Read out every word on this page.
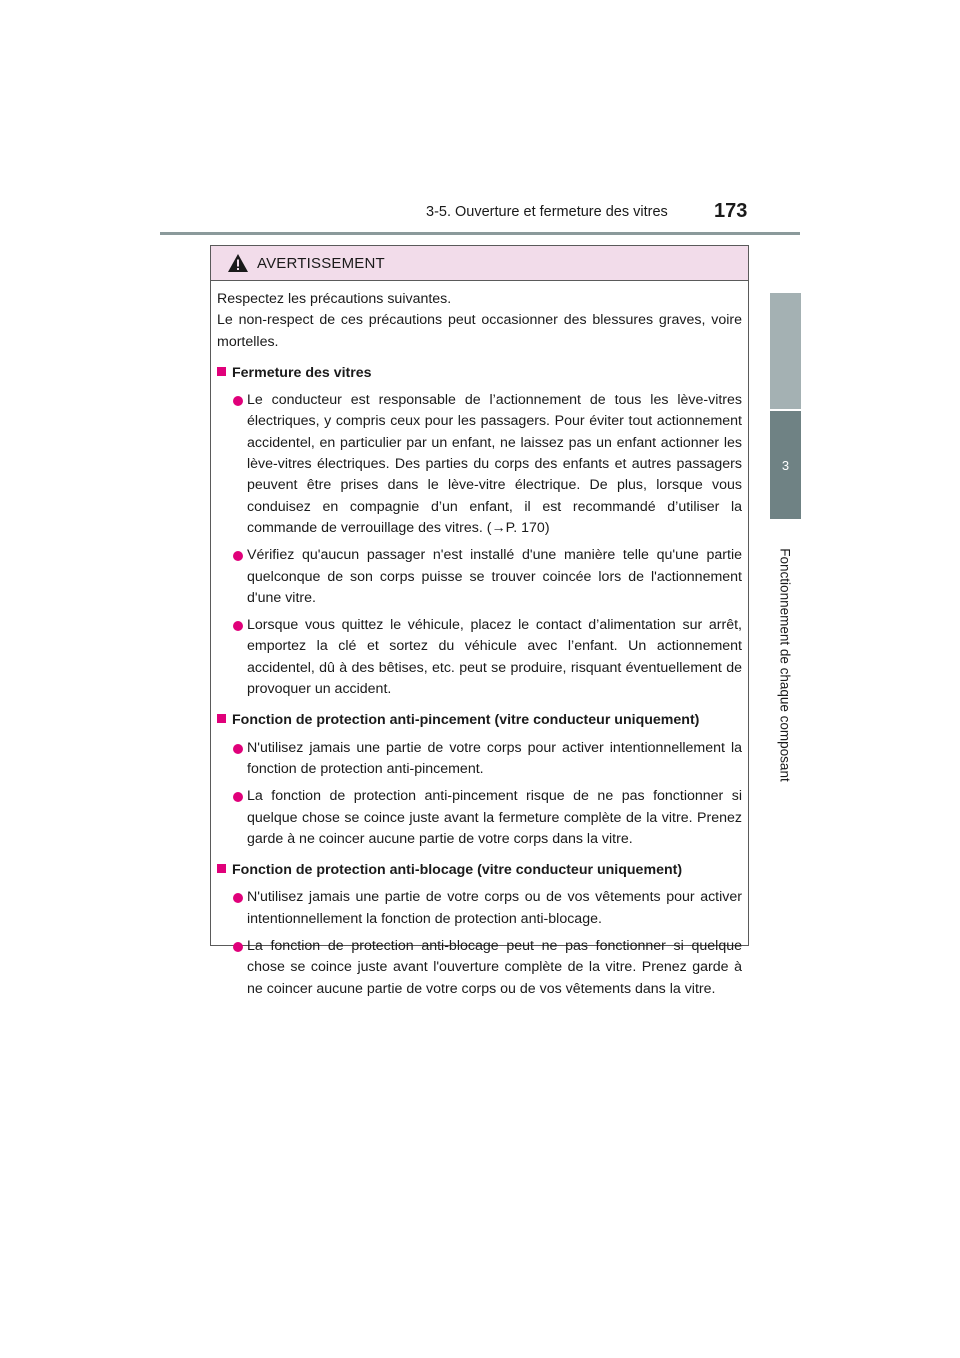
3-5. Ouverture et fermeture des vitres 173
3
Fonctionnement de chaque composant
AVERTISSEMENT

Respectez les précautions suivantes.

Le non-respect de ces précautions peut occasionner des blessures graves, voire mortelles.

Fermeture des vitres
Le conducteur est responsable de l’actionnement de tous les lève-vitres électriques, y compris ceux pour les passagers. Pour éviter tout actionnement accidentel, en particulier par un enfant, ne laissez pas un enfant actionner les lève-vitres électriques. Des parties du corps des enfants et autres passagers peuvent être prises dans le lève-vitre électrique. De plus, lorsque vous conduisez en compagnie d’un enfant, il est recommandé d’utiliser la commande de verrouillage des vitres. (→P. 170)
Vérifiez qu'aucun passager n'est installé d'une manière telle qu'une partie quelconque de son corps puisse se trouver coincée lors de l'actionnement d'une vitre.
Lorsque vous quittez le véhicule, placez le contact d’alimentation sur arrêt, emportez la clé et sortez du véhicule avec l’enfant. Un actionnement accidentel, dû à des bêtises, etc. peut se produire, risquant éventuellement de provoquer un accident.
Fonction de protection anti-pincement (vitre conducteur uniquement)
N'utilisez jamais une partie de votre corps pour activer intentionnellement la fonction de protection anti-pincement.
La fonction de protection anti-pincement risque de ne pas fonctionner si quelque chose se coince juste avant la fermeture complète de la vitre. Prenez garde à ne coincer aucune partie de votre corps dans la vitre.
Fonction de protection anti-blocage (vitre conducteur uniquement)
N'utilisez jamais une partie de votre corps ou de vos vêtements pour activer intentionnellement la fonction de protection anti-blocage.
La fonction de protection anti-blocage peut ne pas fonctionner si quelque chose se coince juste avant l'ouverture complète de la vitre. Prenez garde à ne coincer aucune partie de votre corps ou de vos vêtements dans la vitre.
